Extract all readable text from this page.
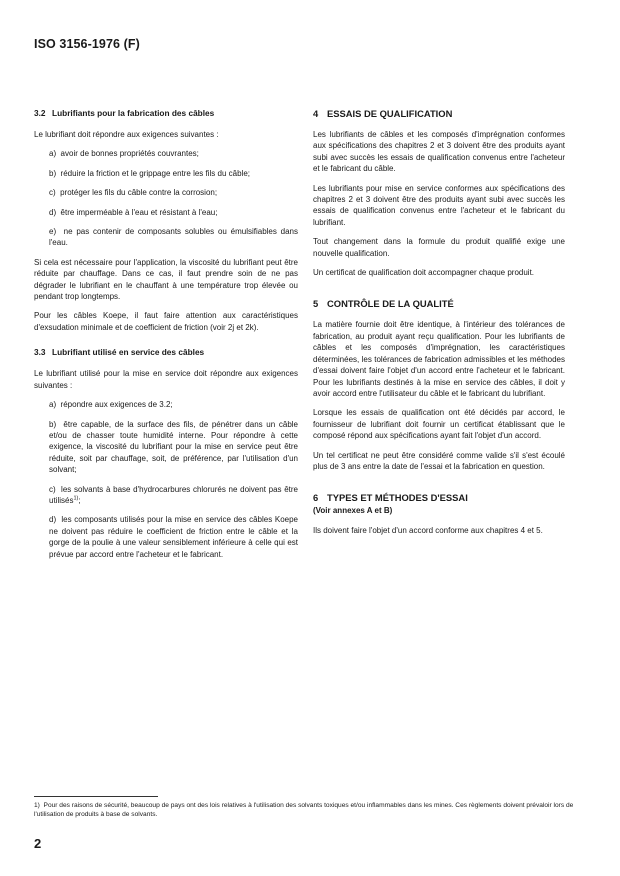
ISO 3156-1976 (F)
3.2 Lubrifiants pour la fabrication des câbles

Le lubrifiant doit répondre aux exigences suivantes :

a)  avoir de bonnes propriétés couvrantes;

b)  réduire la friction et le grippage entre les fils du câble;

c)  protéger les fils du câble contre la corrosion;

d)  être imperméable à l'eau et résistant à l'eau;

e)  ne pas contenir de composants solubles ou émulsifiables dans l'eau.

Si cela est nécessaire pour l'application, la viscosité du lubrifiant peut être réduite par chauffage. Dans ce cas, il faut prendre soin de ne pas dégrader le lubrifiant en le chauffant à une température trop élevée ou pendant trop longtemps.

Pour les câbles Koepe, il faut faire attention aux caractéristiques d'exsudation minimale et de coefficient de friction (voir 2j et 2k).

3.3 Lubrifiant utilisé en service des câbles

Le lubrifiant utilisé pour la mise en service doit répondre aux exigences suivantes :

a)  répondre aux exigences de 3.2;

b)  être capable, de la surface des fils, de pénétrer dans un câble et/ou de chasser toute humidité interne. Pour répondre à cette exigence, la viscosité du lubrifiant pour la mise en service peut être réduite, soit par chauffage, soit, de préférence, par l'utilisation d'un solvant;

c)  les solvants à base d'hydrocarbures chlorurés ne doivent pas être utilisés$^{1)}$;

d)  les composants utilisés pour la mise en service des câbles Koepe ne doivent pas réduire le coefficient de friction entre le câble et la gorge de la poulie à une valeur sensiblement inférieure à celle qui est prévue par accord entre l'acheteur et le fabricant.

4 ESSAIS DE QUALIFICATION

Les lubrifiants de câbles et les composés d'imprégnation conformes aux spécifications des chapitres 2 et 3 doivent être des produits ayant subi avec succès les essais de qualification convenus entre l'acheteur et le fabricant du câble.

Les lubrifiants pour mise en service conformes aux spécifications des chapitres 2 et 3 doivent être des produits ayant subi avec succès les essais de qualification convenus entre l'acheteur et le fabricant du lubrifiant.

Tout changement dans la formule du produit qualifié exige une nouvelle qualification.

Un certificat de qualification doit accompagner chaque produit.

5 CONTRÔLE DE LA QUALITÉ

La matière fournie doit être identique, à l'intérieur des tolérances de fabrication, au produit ayant reçu qualification. Pour les lubrifiants de câbles et les composés d'imprégnation, les caractéristiques déterminées, les tolérances de fabrication admissibles et les méthodes d'essai doivent faire l'objet d'un accord entre l'acheteur et le fabricant. Pour les lubrifiants destinés à la mise en service des câbles, il doit y avoir accord entre l'utilisateur du câble et le fabricant du lubrifiant.

Lorsque les essais de qualification ont été décidés par accord, le fournisseur de lubrifiant doit fournir un certificat établissant que le composé répond aux spécifications ayant fait l'objet d'un accord.

Un tel certificat ne peut être considéré comme valide s'il s'est écoulé plus de 3 ans entre la date de l'essai et la fabrication en question.

6 TYPES ET MÉTHODES D'ESSAI
(Voir annexes A et B)

Ils doivent faire l'objet d'un accord conforme aux chapitres 4 et 5.

1) Pour des raisons de sécurité, beaucoup de pays ont des lois relatives à l'utilisation des solvants toxiques et/ou inflammables dans les mines. Ces règlements doivent prévaloir lors de l'utilisation de produits à base de solvants.
2
